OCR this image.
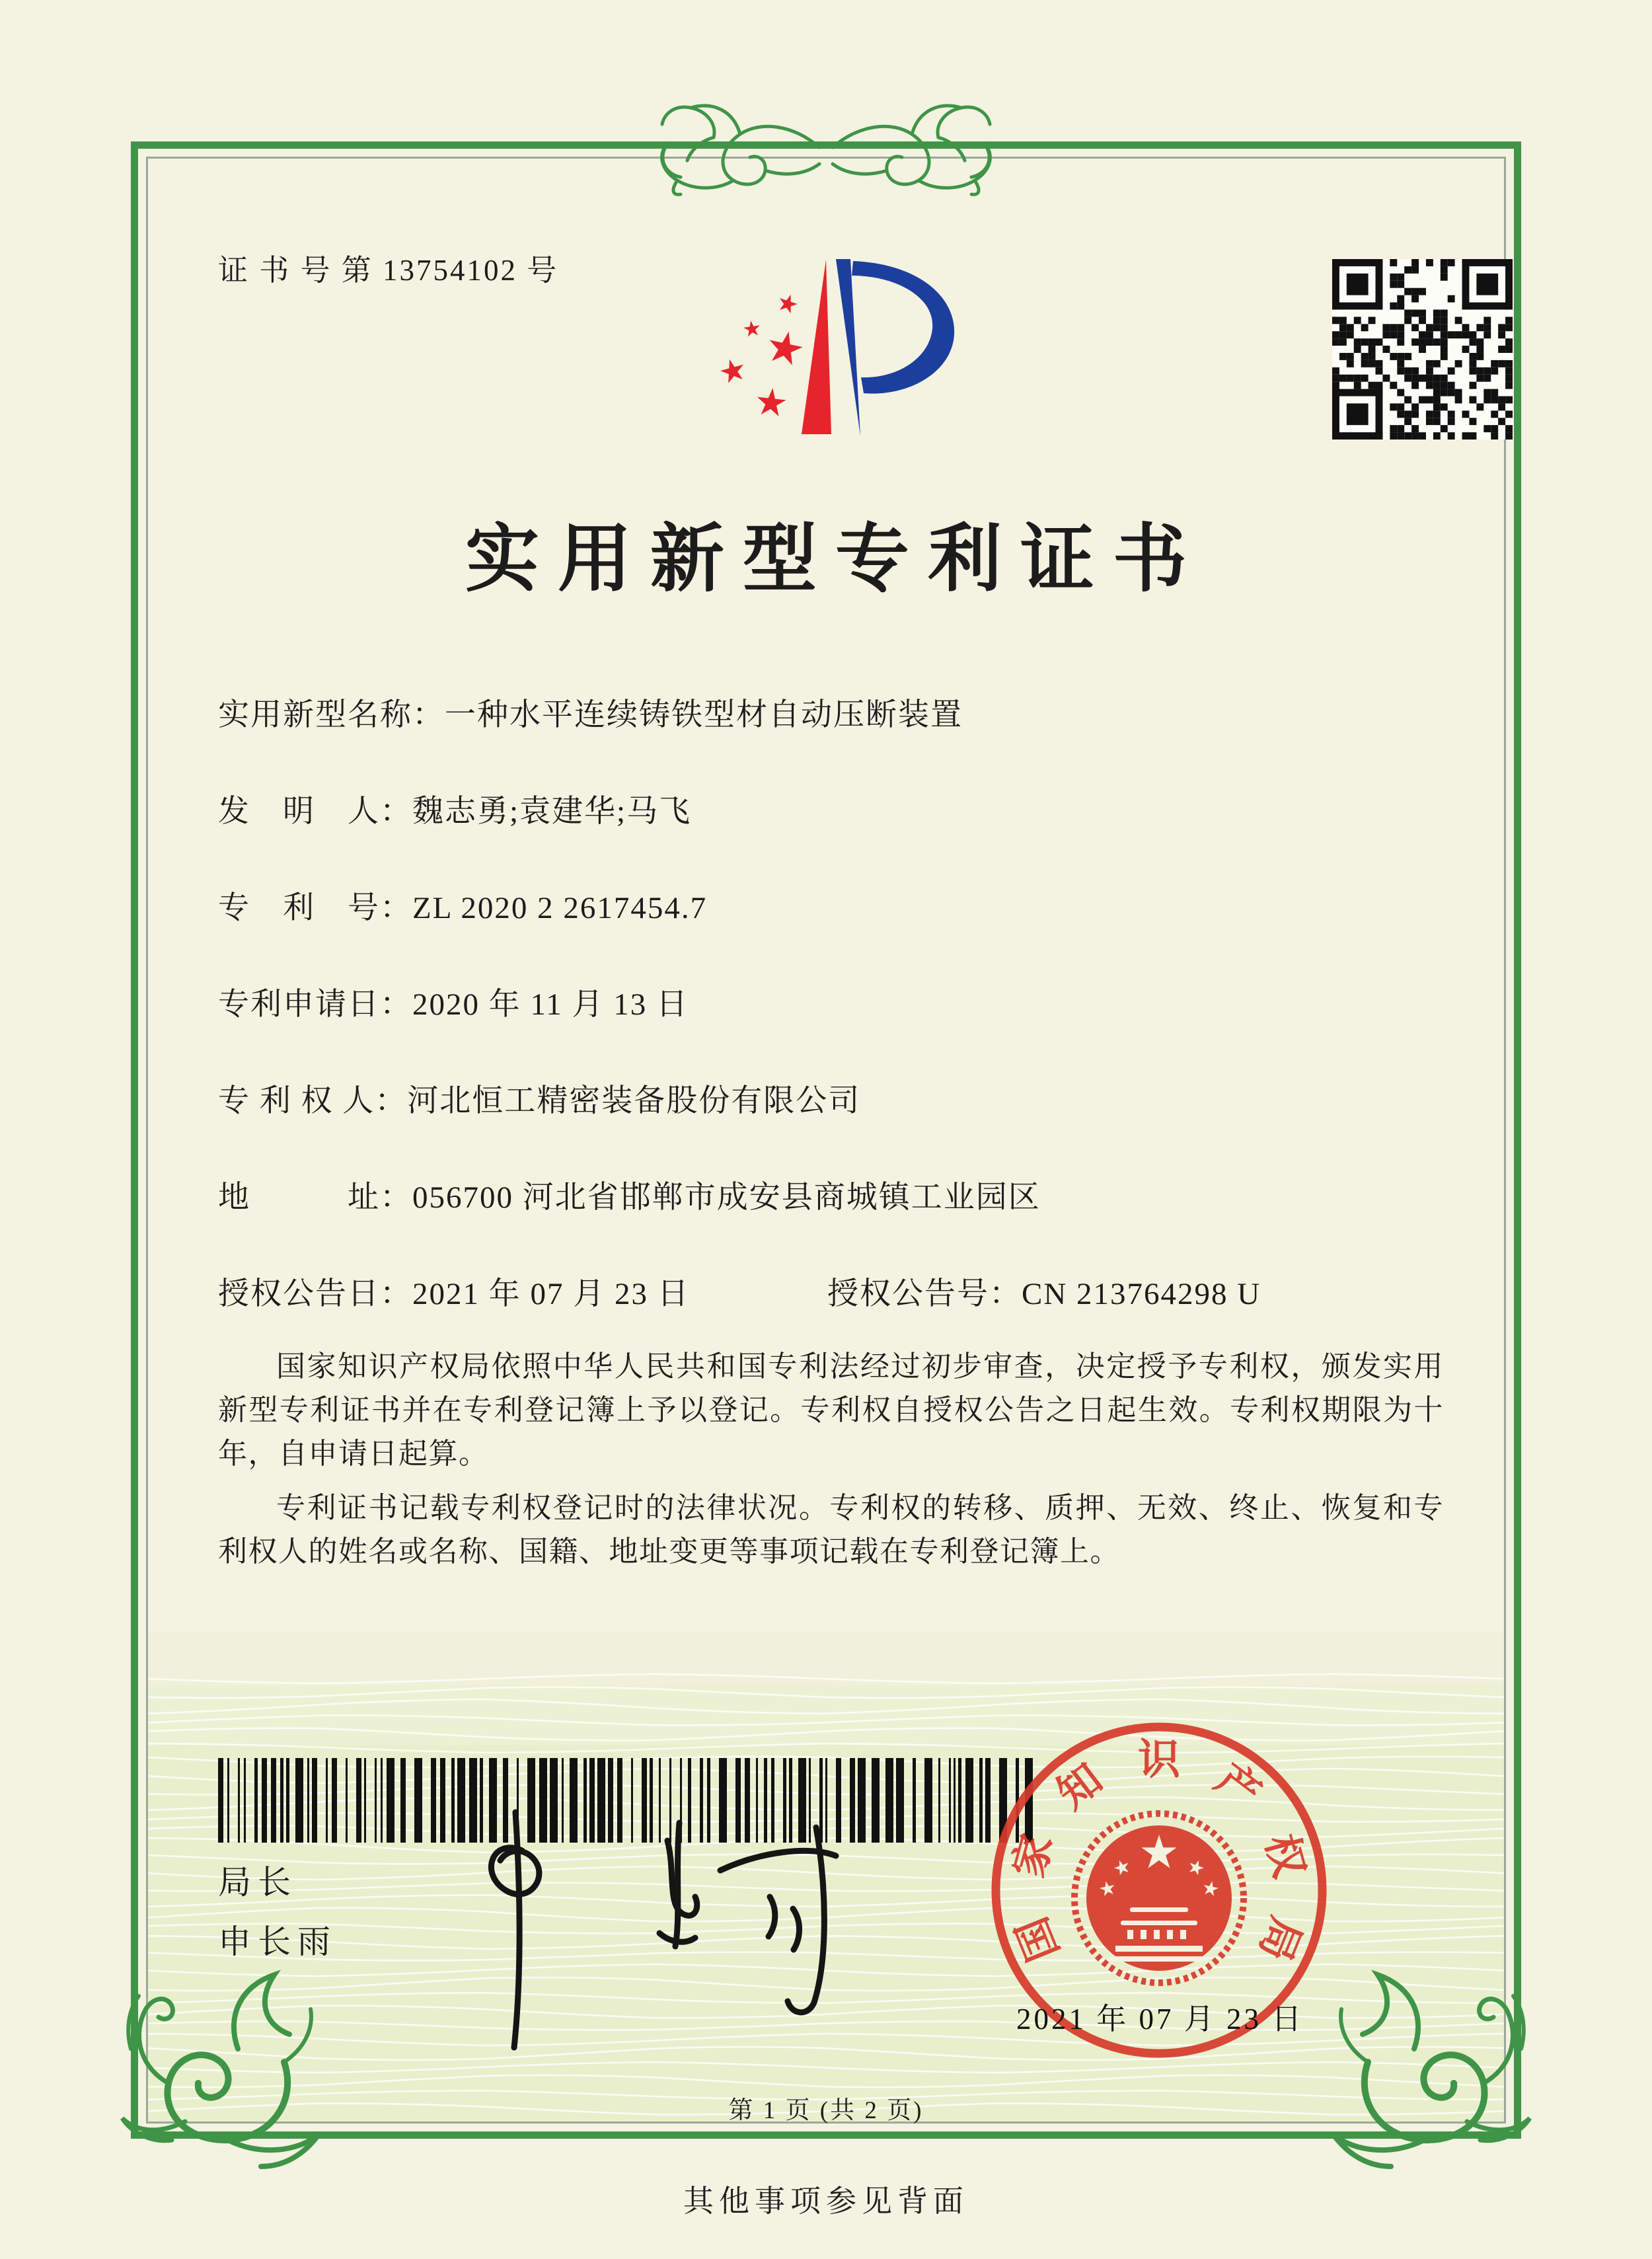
证 书 号 第 13754102 号
实用新型专利证书
实用新型名称：一种水平连续铸铁型材自动压断装置
发　明　人：魏志勇;袁建华;马飞
专　利　号：ZL 2020 2 2617454.7
专利申请日：2020 年 11 月 13 日
专 利 权 人：河北恒工精密装备股份有限公司
地　　　址：056700 河北省邯郸市成安县商城镇工业园区
授权公告日：2021 年 07 月 23 日	授权公告号：CN 213764298 U

国家知识产权局依照中华人民共和国专利法经过初步审查，决定授予专利权，颁发实用新型专利证书并在专利登记簿上予以登记。专利权自授权公告之日起生效。专利权期限为十年，自申请日起算。

专利证书记载专利权登记时的法律状况。专利权的转移、质押、无效、终止、恢复和专利权人的姓名或名称、国籍、地址变更等事项记载在专利登记簿上。

局长
申长雨	国
家
知 识 产
权
局
2021 年 07 月 23 日
第 1 页 (共 2 页)
其他事项参见背面
